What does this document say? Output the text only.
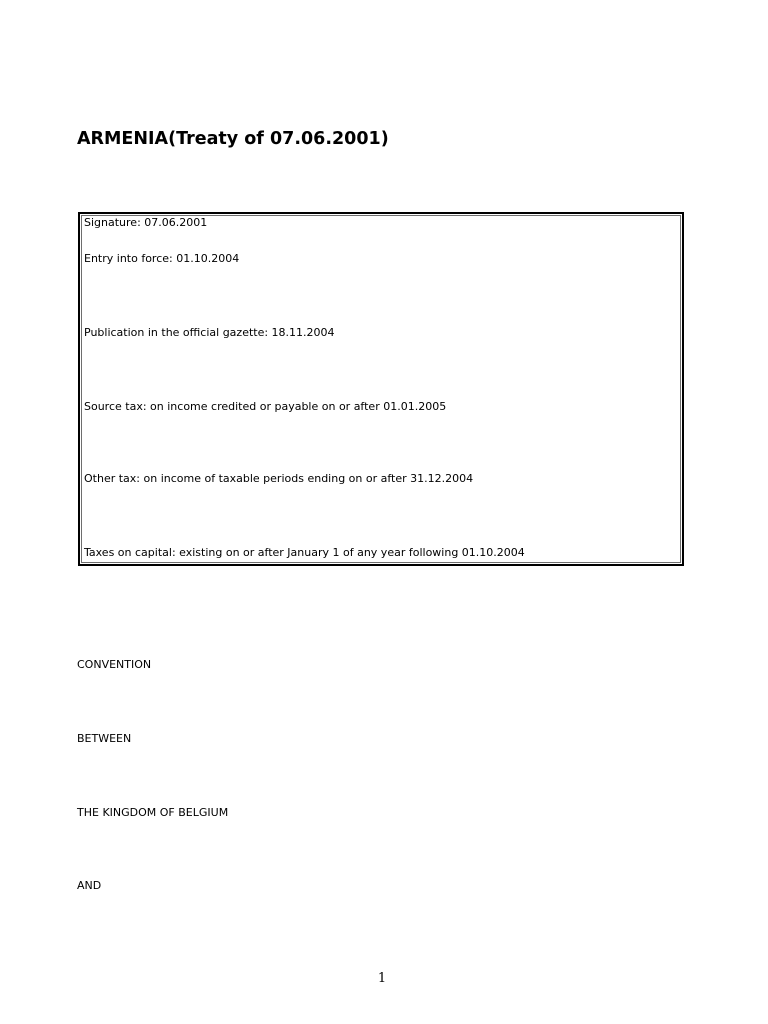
ARMENIA(Treaty of 07.06.2001)

Signature: 07.06.2001

Entry into force: 01.10.2004

Publication in the official gazette: 18.11.2004

Source tax: on income credited or payable on or after 01.01.2005

Other tax: on income of taxable periods ending on or after 31.12.2004

Taxes on capital: existing on or after January 1 of any year following 01.10.2004

CONVENTION

BETWEEN

THE KINGDOM OF BELGIUM

AND

1
